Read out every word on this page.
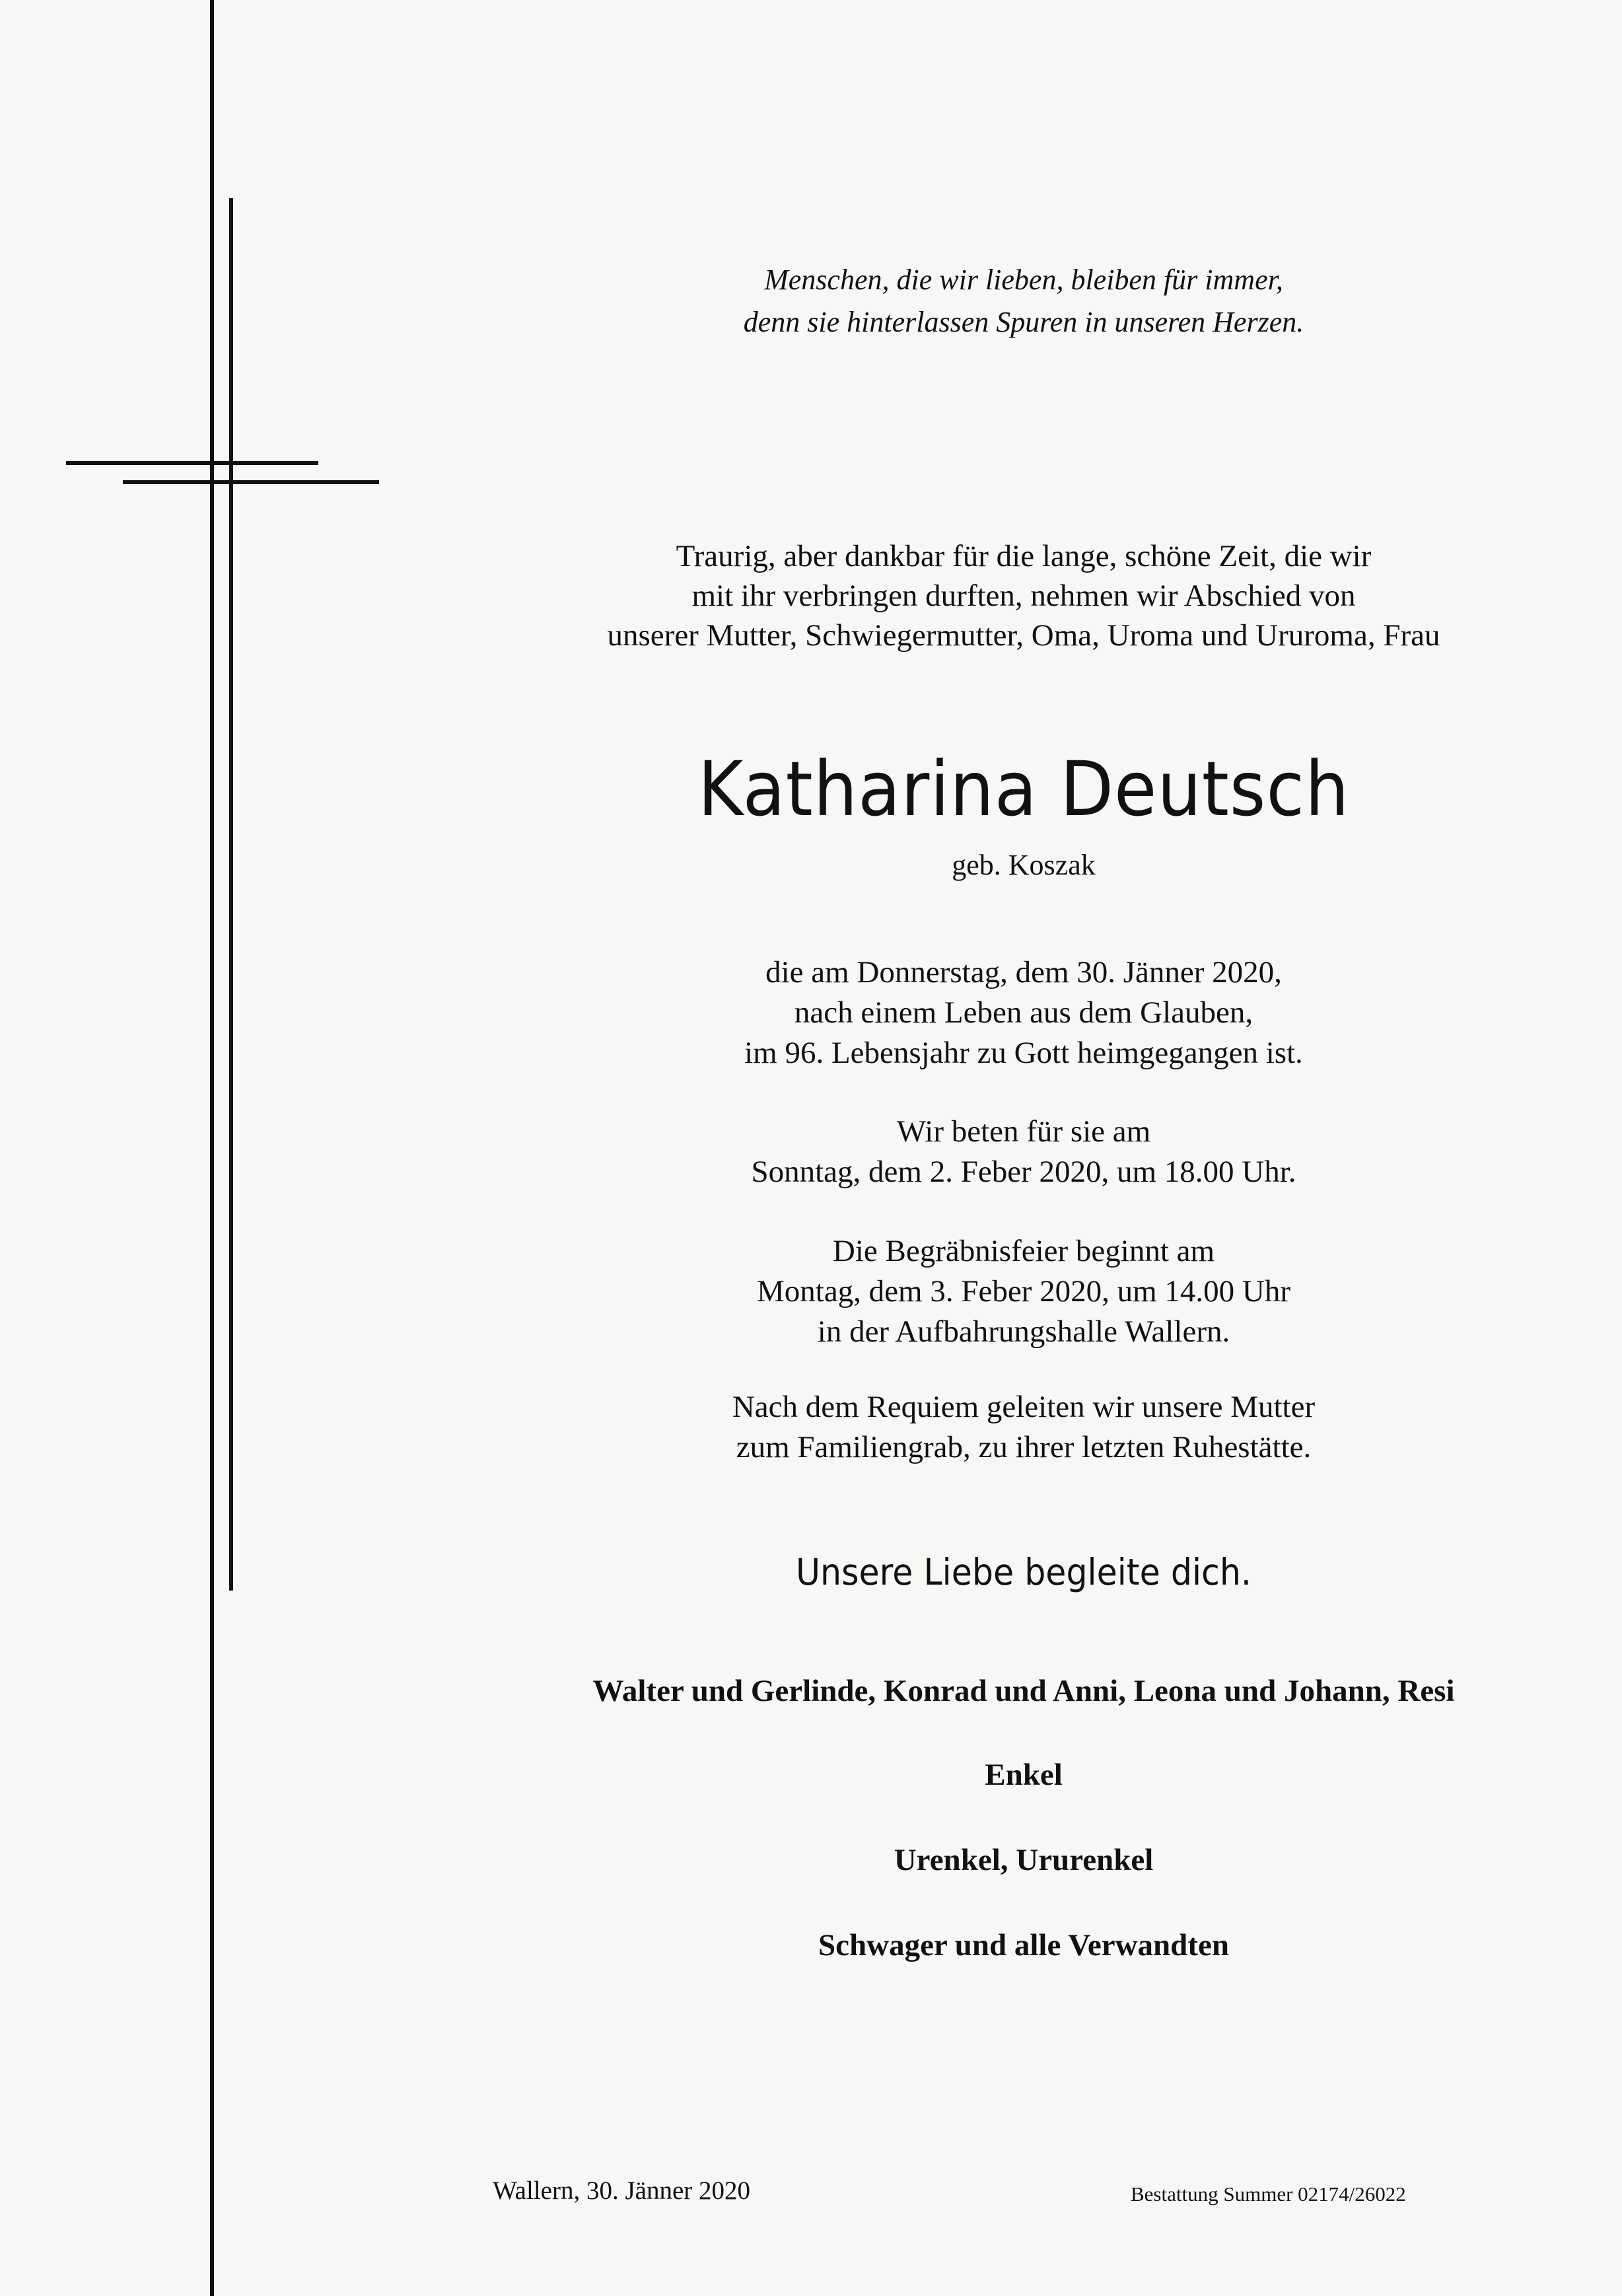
Menschen, die wir lieben, bleiben für immer,
denn sie hinterlassen Spuren in unseren Herzen.
Traurig, aber dankbar für die lange, schöne Zeit, die wir
mit ihr verbringen durften, nehmen wir Abschied von
unserer Mutter, Schwiegermutter, Oma, Uroma und Ururoma, Frau
Katharina Deutsch
geb. Koszak
die am Donnerstag, dem 30. Jänner 2020,
nach einem Leben aus dem Glauben,
im 96. Lebensjahr zu Gott heimgegangen ist.
Wir beten für sie am
Sonntag, dem 2. Feber 2020, um 18.00 Uhr.
Die Begräbnisfeier beginnt am
Montag, dem 3. Feber 2020, um 14.00 Uhr
in der Aufbahrungshalle Wallern.
Nach dem Requiem geleiten wir unsere Mutter
zum Familiengrab, zu ihrer letzten Ruhestätte.
Unsere Liebe begleite dich.
Walter und Gerlinde, Konrad und Anni, Leona und Johann, Resi
Enkel
Urenkel, Ururenkel
Schwager und alle Verwandten
Wallern, 30. Jänner 2020	Bestattung Summer 02174/26022
